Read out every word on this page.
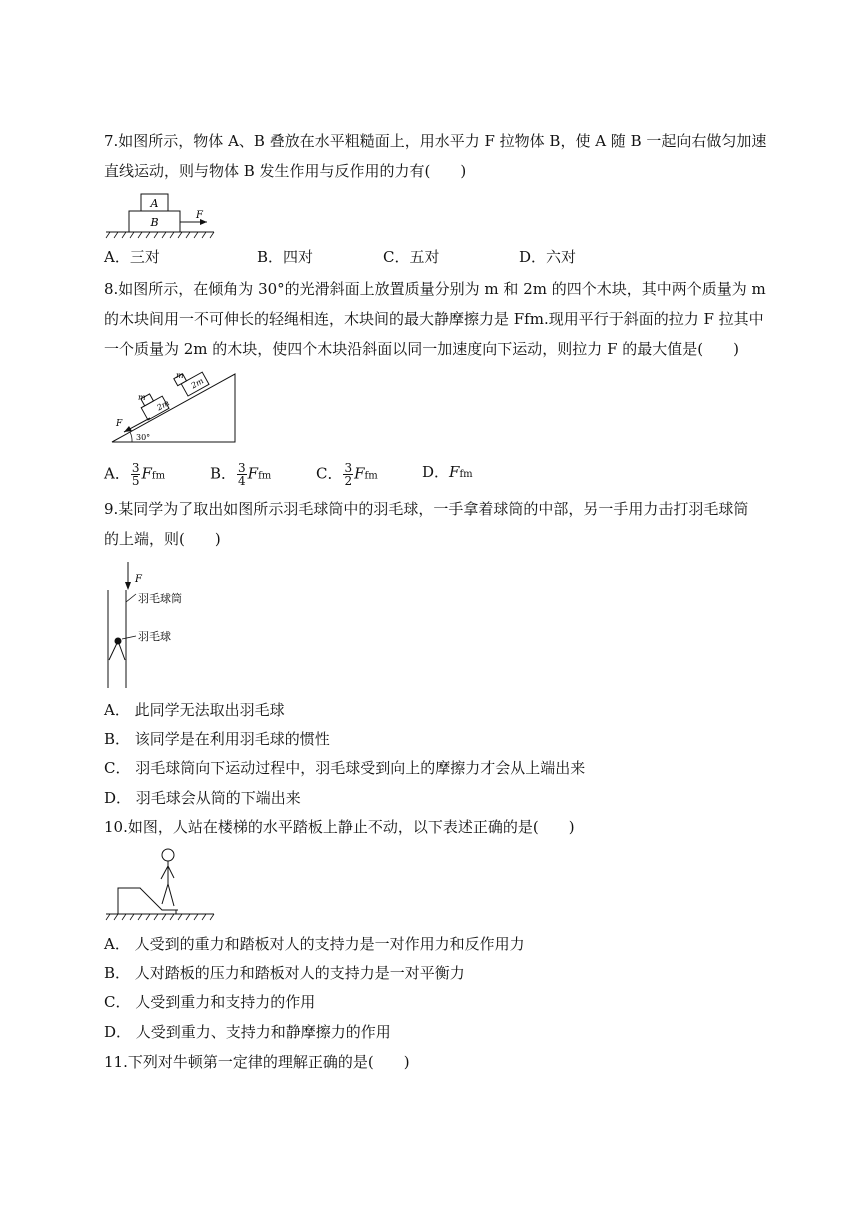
7.如图所示，物体 A、B 叠放在水平粗糙面上，用水平力 F 拉物体 B，使 A 随 B 一起向右做匀加速
直线运动，则与物体 B 发生作用与反作用的力有(　　)
A
B
F
A．三对	B．四对	C．五对	D．六对
8.如图所示，在倾角为 30°的光滑斜面上放置质量分别为 m 和 2m 的四个木块，其中两个质量为 m
的木块间用一不可伸长的轻绳相连，木块间的最大静摩擦力是 Ffm.现用平行于斜面的拉力 F 拉其中
一个质量为 2m 的木块，使四个木块沿斜面以同一加速度向下运动，则拉力 F 的最大值是(　　)
2m
m
2m
m
F
30°
A． $\frac{3}{5}$ Ffm	B． $\frac{3}{4}$ Ffm	C． $\frac{3}{2}$ Ffm	D．Ffm
9.某同学为了取出如图所示羽毛球筒中的羽毛球，一手拿着球筒的中部，另一手用力击打羽毛球筒
的上端，则(　　)
F
羽毛球筒
羽毛球
A． 此同学无法取出羽毛球
B． 该同学是在利用羽毛球的惯性
C． 羽毛球筒向下运动过程中，羽毛球受到向上的摩擦力才会从上端出来
D． 羽毛球会从筒的下端出来
10.如图，人站在楼梯的水平踏板上静止不动，以下表述正确的是(　　)
A． 人受到的重力和踏板对人的支持力是一对作用力和反作用力
B． 人对踏板的压力和踏板对人的支持力是一对平衡力
C． 人受到重力和支持力的作用
D． 人受到重力、支持力和静摩擦力的作用
11.下列对牛顿第一定律的理解正确的是(　　)
